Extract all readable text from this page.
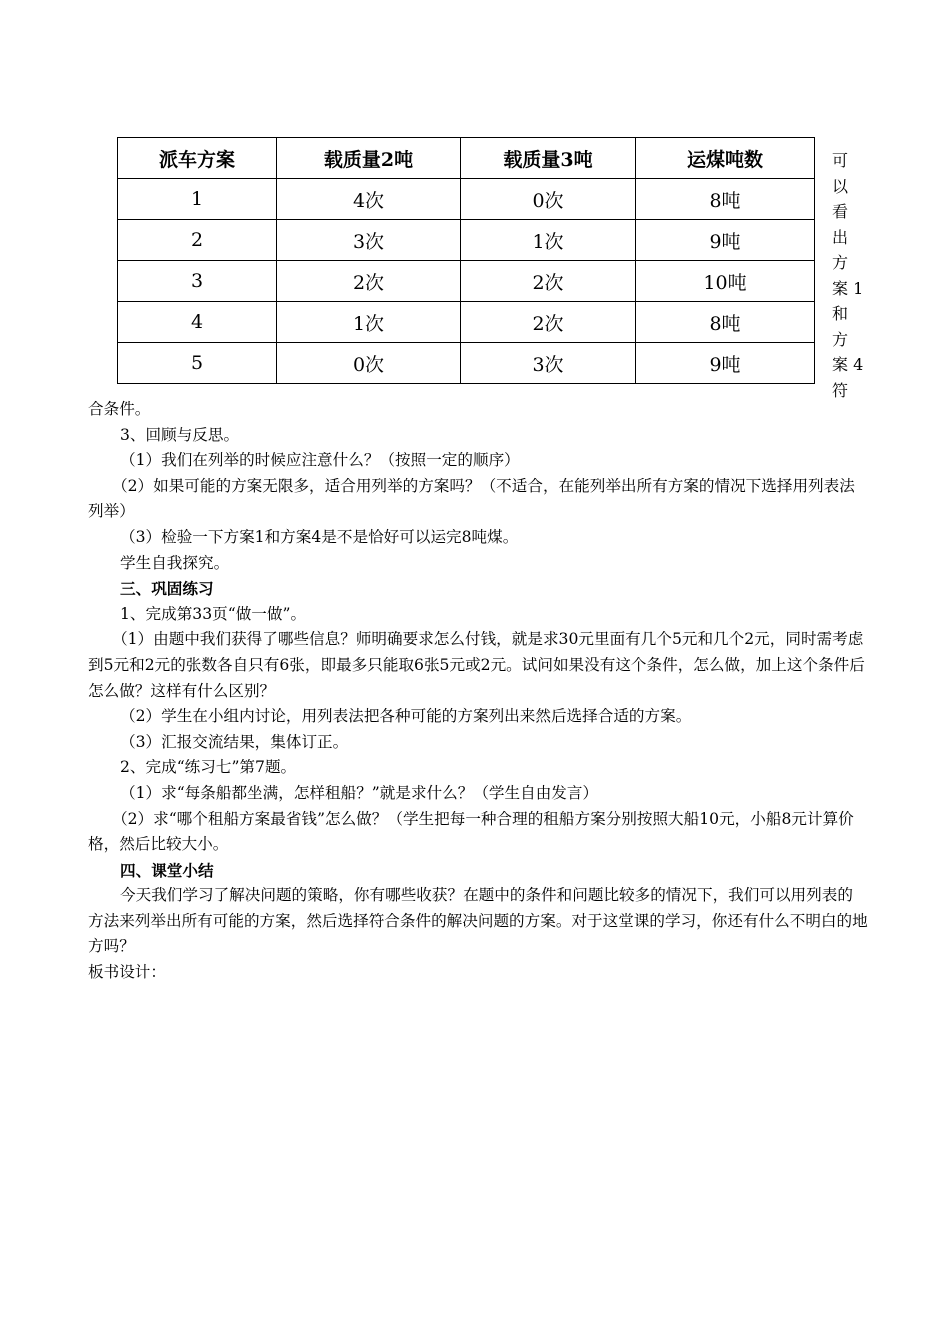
派车方案	载质量2吨	载质量3吨	运煤吨数
1	4次	0次	8吨
2	3次	1次	9吨
3	2次	2次	10吨
4	1次	2次	8吨
5	0次	3次	9吨
可
以
看
出
方
案 1
和
方
案 4
符

合条件。

3、回顾与反思。

（1）我们在列举的时候应注意什么？（按照一定的顺序）

（2）如果可能的方案无限多，适合用列举的方案吗？（不适合，在能列举出所有方案的情况下选择用列表法列举）

（3）检验一下方案1和方案4是不是恰好可以运完8吨煤。

学生自我探究。

三、巩固练习

1、完成第33页“做一做”。

（1）由题中我们获得了哪些信息？师明确要求怎么付钱，就是求30元里面有几个5元和几个2元，同时需考虑到5元和2元的张数各自只有6张，即最多只能取6张5元或2元。试问如果没有这个条件，怎么做，加上这个条件后怎么做？这样有什么区别？

（2）学生在小组内讨论，用列表法把各种可能的方案列出来然后选择合适的方案。

（3）汇报交流结果，集体订正。

2、完成“练习七”第7题。

（1）求“每条船都坐满，怎样租船？”就是求什么？（学生自由发言）

（2）求“哪个租船方案最省钱”怎么做？（学生把每一种合理的租船方案分别按照大船10元，小船8元计算价格，然后比较大小。

四、课堂小结

今天我们学习了解决问题的策略，你有哪些收获？在题中的条件和问题比较多的情况下，我们可以用列表的方法来列举出所有可能的方案，然后选择符合条件的解决问题的方案。对于这堂课的学习，你还有什么不明白的地方吗？

板书设计：
